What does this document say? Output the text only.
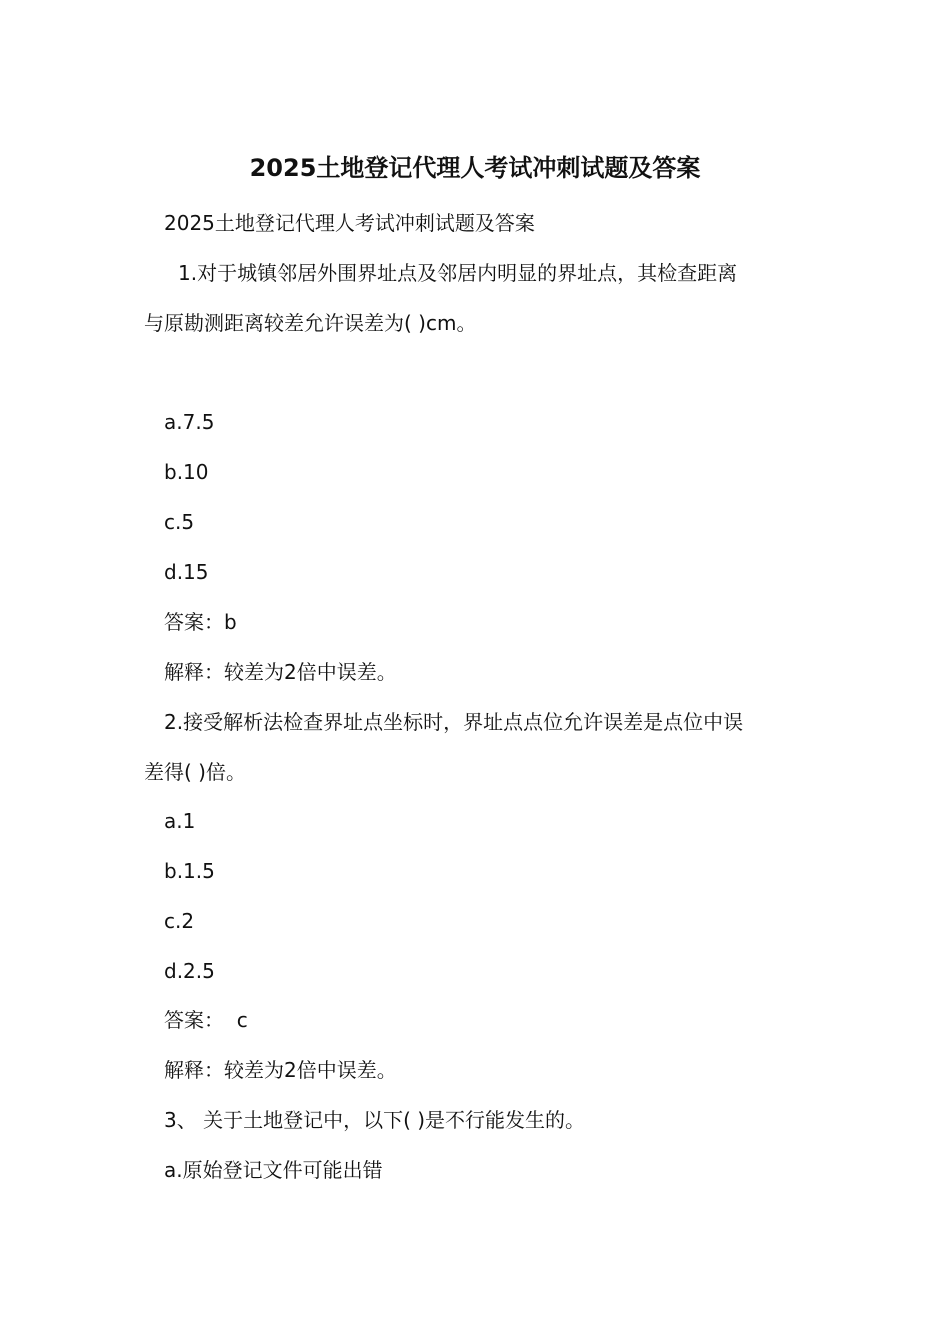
2025土地登记代理人考试冲刺试题及答案
2025土地登记代理人考试冲刺试题及答案
1.对于城镇邻居外围界址点及邻居内明显的界址点，其检查距离
与原勘测距离较差允许误差为( )cm。
a.7.5
b.10
c.5
d.15
答案：b
解释：较差为2倍中误差。
2.接受解析法检查界址点坐标时，界址点点位允许误差是点位中误
差得( )倍。
a.1
b.1.5
c.2
d.2.5
答案：  c
解释：较差为2倍中误差。
3、 关于土地登记中，以下( )是不行能发生的。
a.原始登记文件可能出错
